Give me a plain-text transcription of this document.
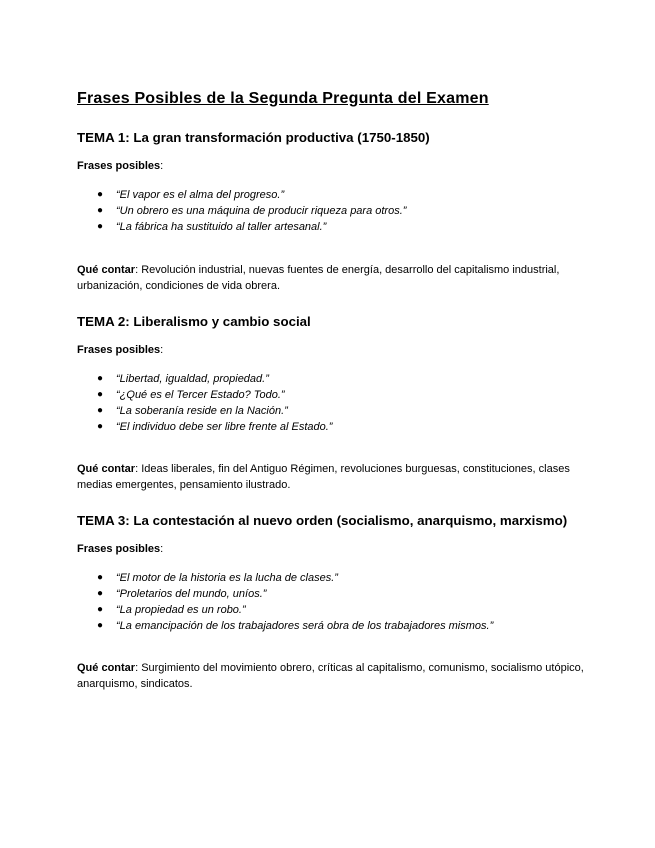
Frases Posibles de la Segunda Pregunta del Examen
TEMA 1: La gran transformación productiva (1750-1850)

Frases posibles:

● “El vapor es el alma del progreso.”
● “Un obrero es una máquina de producir riqueza para otros.”
● “La fábrica ha sustituido al taller artesanal.”

Qué contar: Revolución industrial, nuevas fuentes de energía, desarrollo del capitalismo industrial, urbanización, condiciones de vida obrera.

TEMA 2: Liberalismo y cambio social

Frases posibles:

● “Libertad, igualdad, propiedad.”
● “¿Qué es el Tercer Estado? Todo.”
● “La soberanía reside en la Nación.”
● “El individuo debe ser libre frente al Estado.”

Qué contar: Ideas liberales, fin del Antiguo Régimen, revoluciones burguesas, constituciones, clases medias emergentes, pensamiento ilustrado.

TEMA 3: La contestación al nuevo orden (socialismo, anarquismo, marxismo)

Frases posibles:

● “El motor de la historia es la lucha de clases.”
● “Proletarios del mundo, uníos.”
● “La propiedad es un robo.”
● “La emancipación de los trabajadores será obra de los trabajadores mismos.”

Qué contar: Surgimiento del movimiento obrero, críticas al capitalismo, comunismo, socialismo utópico, anarquismo, sindicatos.
